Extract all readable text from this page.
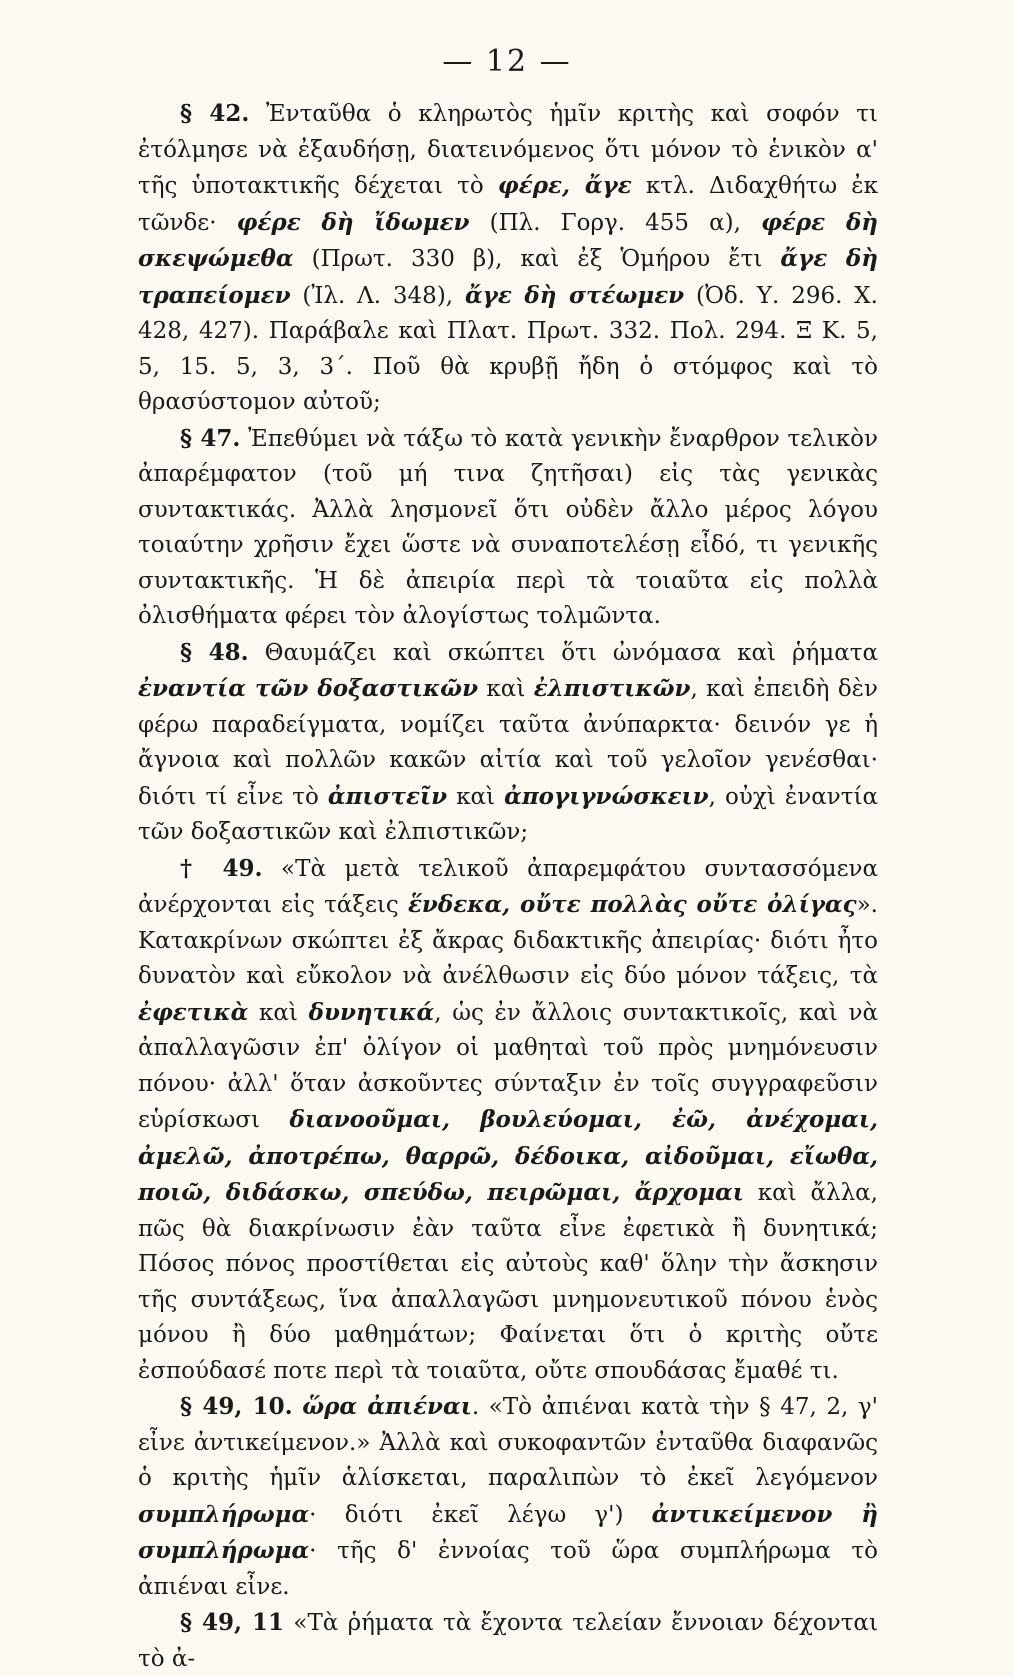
— 12 —

§ 42. Ἐνταῦθα ὁ κληρωτὸς ἡμῖν κριτὴς καὶ σοφόν τι ἐτόλμησε νὰ ἐξαυδήσῃ, διατεινόμενος ὅτι μόνον τὸ ἑνικὸν α' τῆς ὑποτακτικῆς δέχεται τὸ φέρε, ἄγε κτλ. Διδαχθήτω ἐκ τῶνδε· φέρε δὴ ἴδωμεν (Πλ. Γοργ. 455 α), φέρε δὴ σκεψώμεθα (Πρωτ. 330 β), καὶ ἐξ Ὁμήρου ἔτι ἄγε δὴ τραπείομεν (Ἰλ. Λ. 348), ἄγε δὴ στέωμεν (Ὀδ. Υ. 296. Χ. 428, 427). Παράβαλε καὶ Πλατ. Πρωτ. 332. Πολ. 294. Ξ Κ. 5, 5, 15. 5, 3, 3΄. Ποῦ θὰ κρυβῇ ἤδη ὁ στόμφος καὶ τὸ θρασύστομον αὐτοῦ;

§ 47. Ἐπεθύμει νὰ τάξω τὸ κατὰ γενικὴν ἔναρθρον τελικὸν ἀπαρέμφατον (τοῦ μή τινα ζητῆσαι) εἰς τὰς γενικὰς συντακτικάς. Ἀλλὰ λησμονεῖ ὅτι οὐδὲν ἄλλο μέρος λόγου τοιαύτην χρῆσιν ἔχει ὥστε νὰ συναποτελέσῃ εἶδό, τι γενικῆς συντακτικῆς. Ἡ δὲ ἀπειρία περὶ τὰ τοιαῦτα εἰς πολλὰ ὀλισθήματα φέρει τὸν ἀλογίστως τολμῶντα.

§ 48. Θαυμάζει καὶ σκώπτει ὅτι ὠνόμασα καὶ ῥήματα ἐναντία τῶν δοξαστικῶν καὶ ἐλπιστικῶν, καὶ ἐπειδὴ δὲν φέρω παραδείγματα, νομίζει ταῦτα ἀνύπαρκτα· δεινόν γε ἡ ἄγνοια καὶ πολλῶν κακῶν αἰτία καὶ τοῦ γελοῖον γενέσθαι· διότι τί εἶνε τὸ ἀπιστεῖν καὶ ἀπογιγνώσκειν, οὐχὶ ἐναντία τῶν δοξαστικῶν καὶ ἐλπιστικῶν;

† 49. «Τὰ μετὰ τελικοῦ ἀπαρεμφάτου συντασσόμενα ἀνέρχονται εἰς τάξεις ἕνδεκα, οὔτε πολλὰς οὔτε ὀλίγας». Κατακρίνων σκώπτει ἐξ ἄκρας διδακτικῆς ἀπειρίας· διότι ἦτο δυνατὸν καὶ εὔκολον νὰ ἀνέλθωσιν εἰς δύο μόνον τάξεις, τὰ ἐφετικὰ καὶ δυνητικά, ὡς ἐν ἄλλοις συντακτικοῖς, καὶ νὰ ἀπαλλαγῶσιν ἐπ' ὀλίγον οἱ μαθηταὶ τοῦ πρὸς μνημόνευσιν πόνου· ἀλλ' ὅταν ἀσκοῦντες σύνταξιν ἐν τοῖς συγγραφεῦσιν εὑρίσκωσι διανοοῦμαι, βουλεύομαι, ἐῶ, ἀνέχομαι, ἀμελῶ, ἀποτρέπω, θαρρῶ, δέδοικα, αἰδοῦμαι, εἴωθα, ποιῶ, διδάσκω, σπεύδω, πειρῶμαι, ἄρχομαι καὶ ἄλλα, πῶς θὰ διακρίνωσιν ἐὰν ταῦτα εἶνε ἐφετικὰ ἢ δυνητικά; Πόσος πόνος προστίθεται εἰς αὐτοὺς καθ' ὅλην τὴν ἄσκησιν τῆς συντάξεως, ἵνα ἀπαλλαγῶσι μνημονευτικοῦ πόνου ἑνὸς μόνου ἢ δύο μαθημάτων; Φαίνεται ὅτι ὁ κριτὴς οὔτε ἐσπούδασέ ποτε περὶ τὰ τοιαῦτα, οὔτε σπουδάσας ἔμαθέ τι.

§ 49, 10. ὥρα ἀπιέναι. «Τὸ ἀπιέναι κατὰ τὴν § 47, 2, γ' εἶνε ἀντικείμενον.» Ἀλλὰ καὶ συκοφαντῶν ἐνταῦθα διαφανῶς ὁ κριτὴς ἡμῖν ἁλίσκεται, παραλιπὼν τὸ ἐκεῖ λεγόμενον συμπλήρωμα· διότι ἐκεῖ λέγω γ') ἀντικείμενον ἢ συμπλήρωμα· τῆς δ' ἐννοίας τοῦ ὥρα συμπλήρωμα τὸ ἀπιέναι εἶνε.

§ 49, 11 «Τὰ ῥήματα τὰ ἔχοντα τελείαν ἔννοιαν δέχονται τὸ ἀ-
